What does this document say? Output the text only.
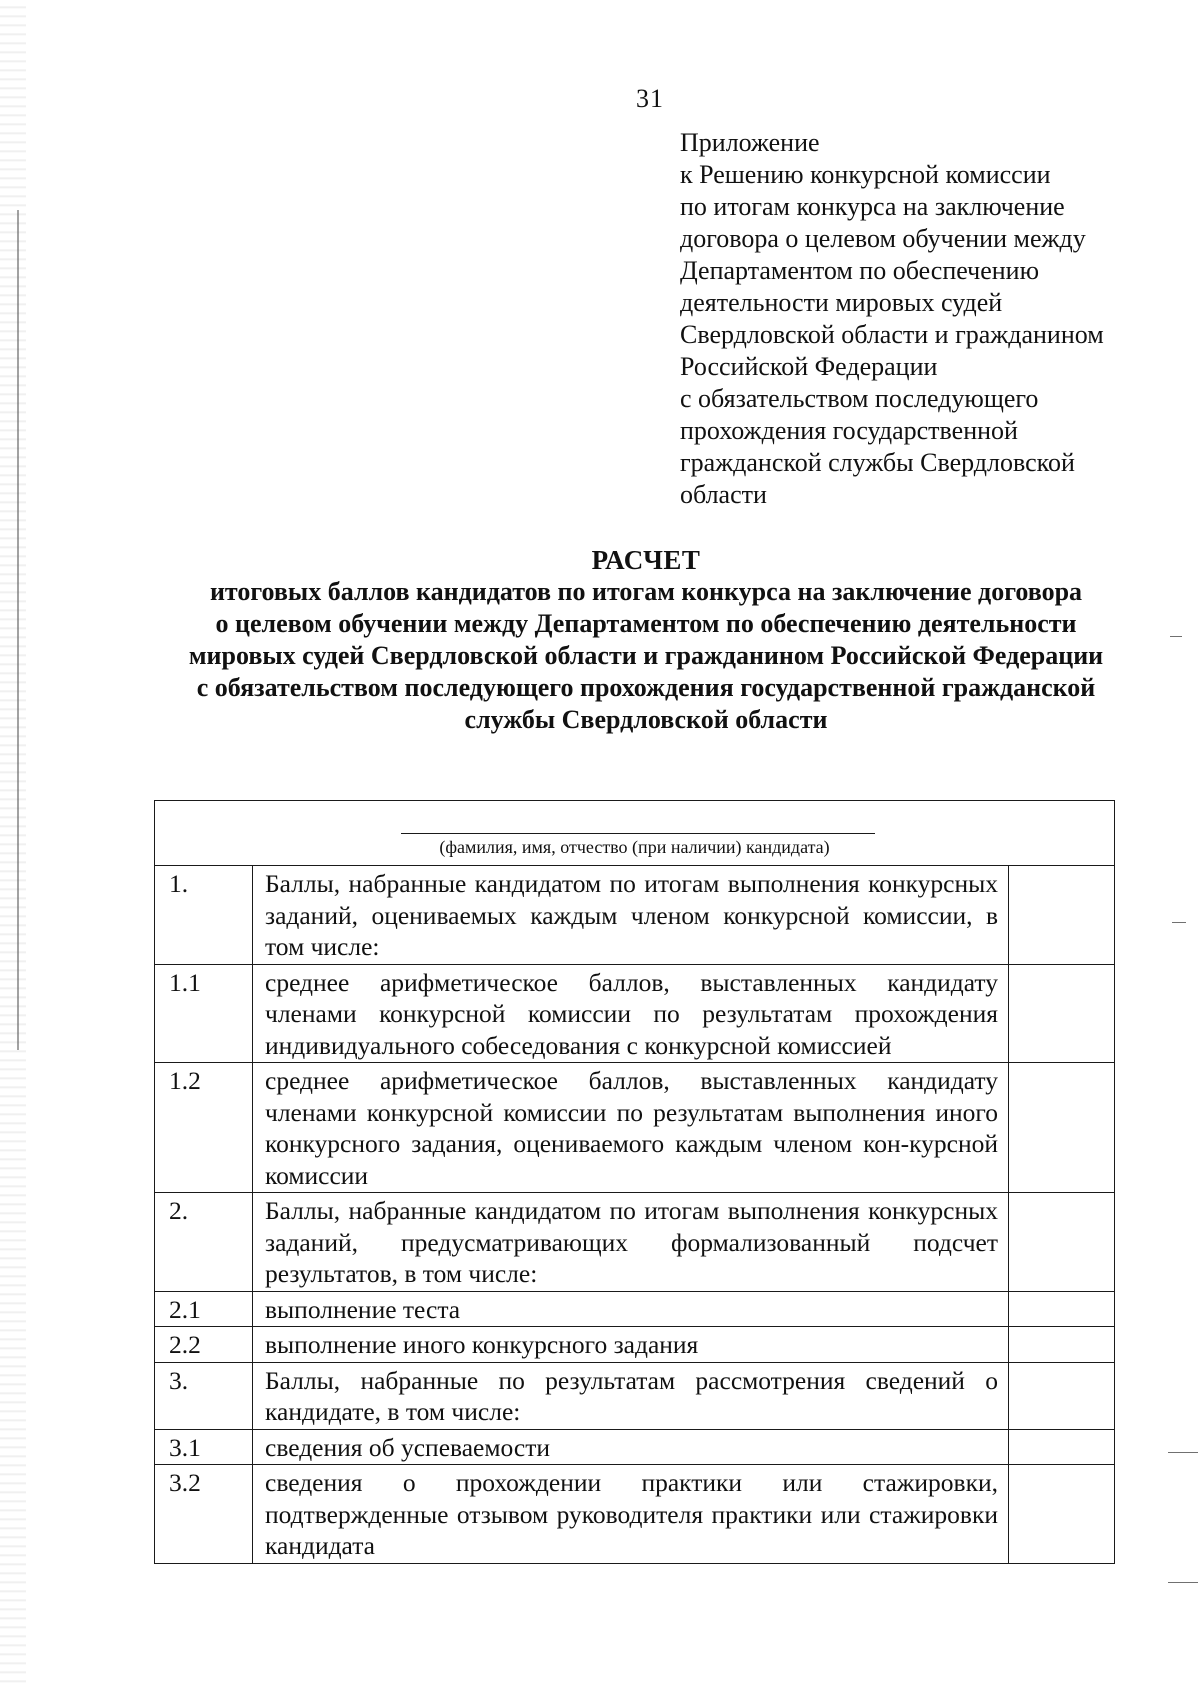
31
Приложение
к Решению конкурсной комиссии
по итогам конкурса на заключение
договора о целевом обучении между
Департаментом по обеспечению
деятельности мировых судей
Свердловской области и гражданином
Российской Федерации
с обязательством последующего
прохождения государственной
гражданской службы Свердловской
области
РАСЧЕТ
итоговых баллов кандидатов по итогам конкурса на заключение договора
о целевом обучении между Департаментом по обеспечению деятельности
мировых судей Свердловской области и гражданином Российской Федерации
с обязательством последующего прохождения государственной гражданской
службы Свердловской области
(фамилия, имя, отчество (при наличии) кандидата)		

1.	Баллы, набранные кандидатом по итогам выполнения конкурсных заданий, оцениваемых каждым членом конкурсной комиссии, в том числе:	
1.1	среднее арифметическое баллов, выставленных кандидату членами конкурсной комиссии по результатам прохождения индивидуального собеседования с конкурсной комиссией	
1.2	среднее арифметическое баллов, выставленных кандидату членами конкурсной комиссии по результатам выполнения иного конкурсного задания, оцениваемого каждым членом кон-курсной комиссии	
2.	Баллы, набранные кандидатом по итогам выполнения конкурсных заданий, предусматривающих формализованный подсчет результатов, в том числе:	
2.1	выполнение теста	
2.2	выполнение иного конкурсного задания	
3.	Баллы, набранные по результатам рассмотрения сведений о кандидате, в том числе:	
3.1	сведения об успеваемости	
3.2	сведения о прохождении практики или стажировки, подтвержденные отзывом руководителя практики или стажировки кандидата	
